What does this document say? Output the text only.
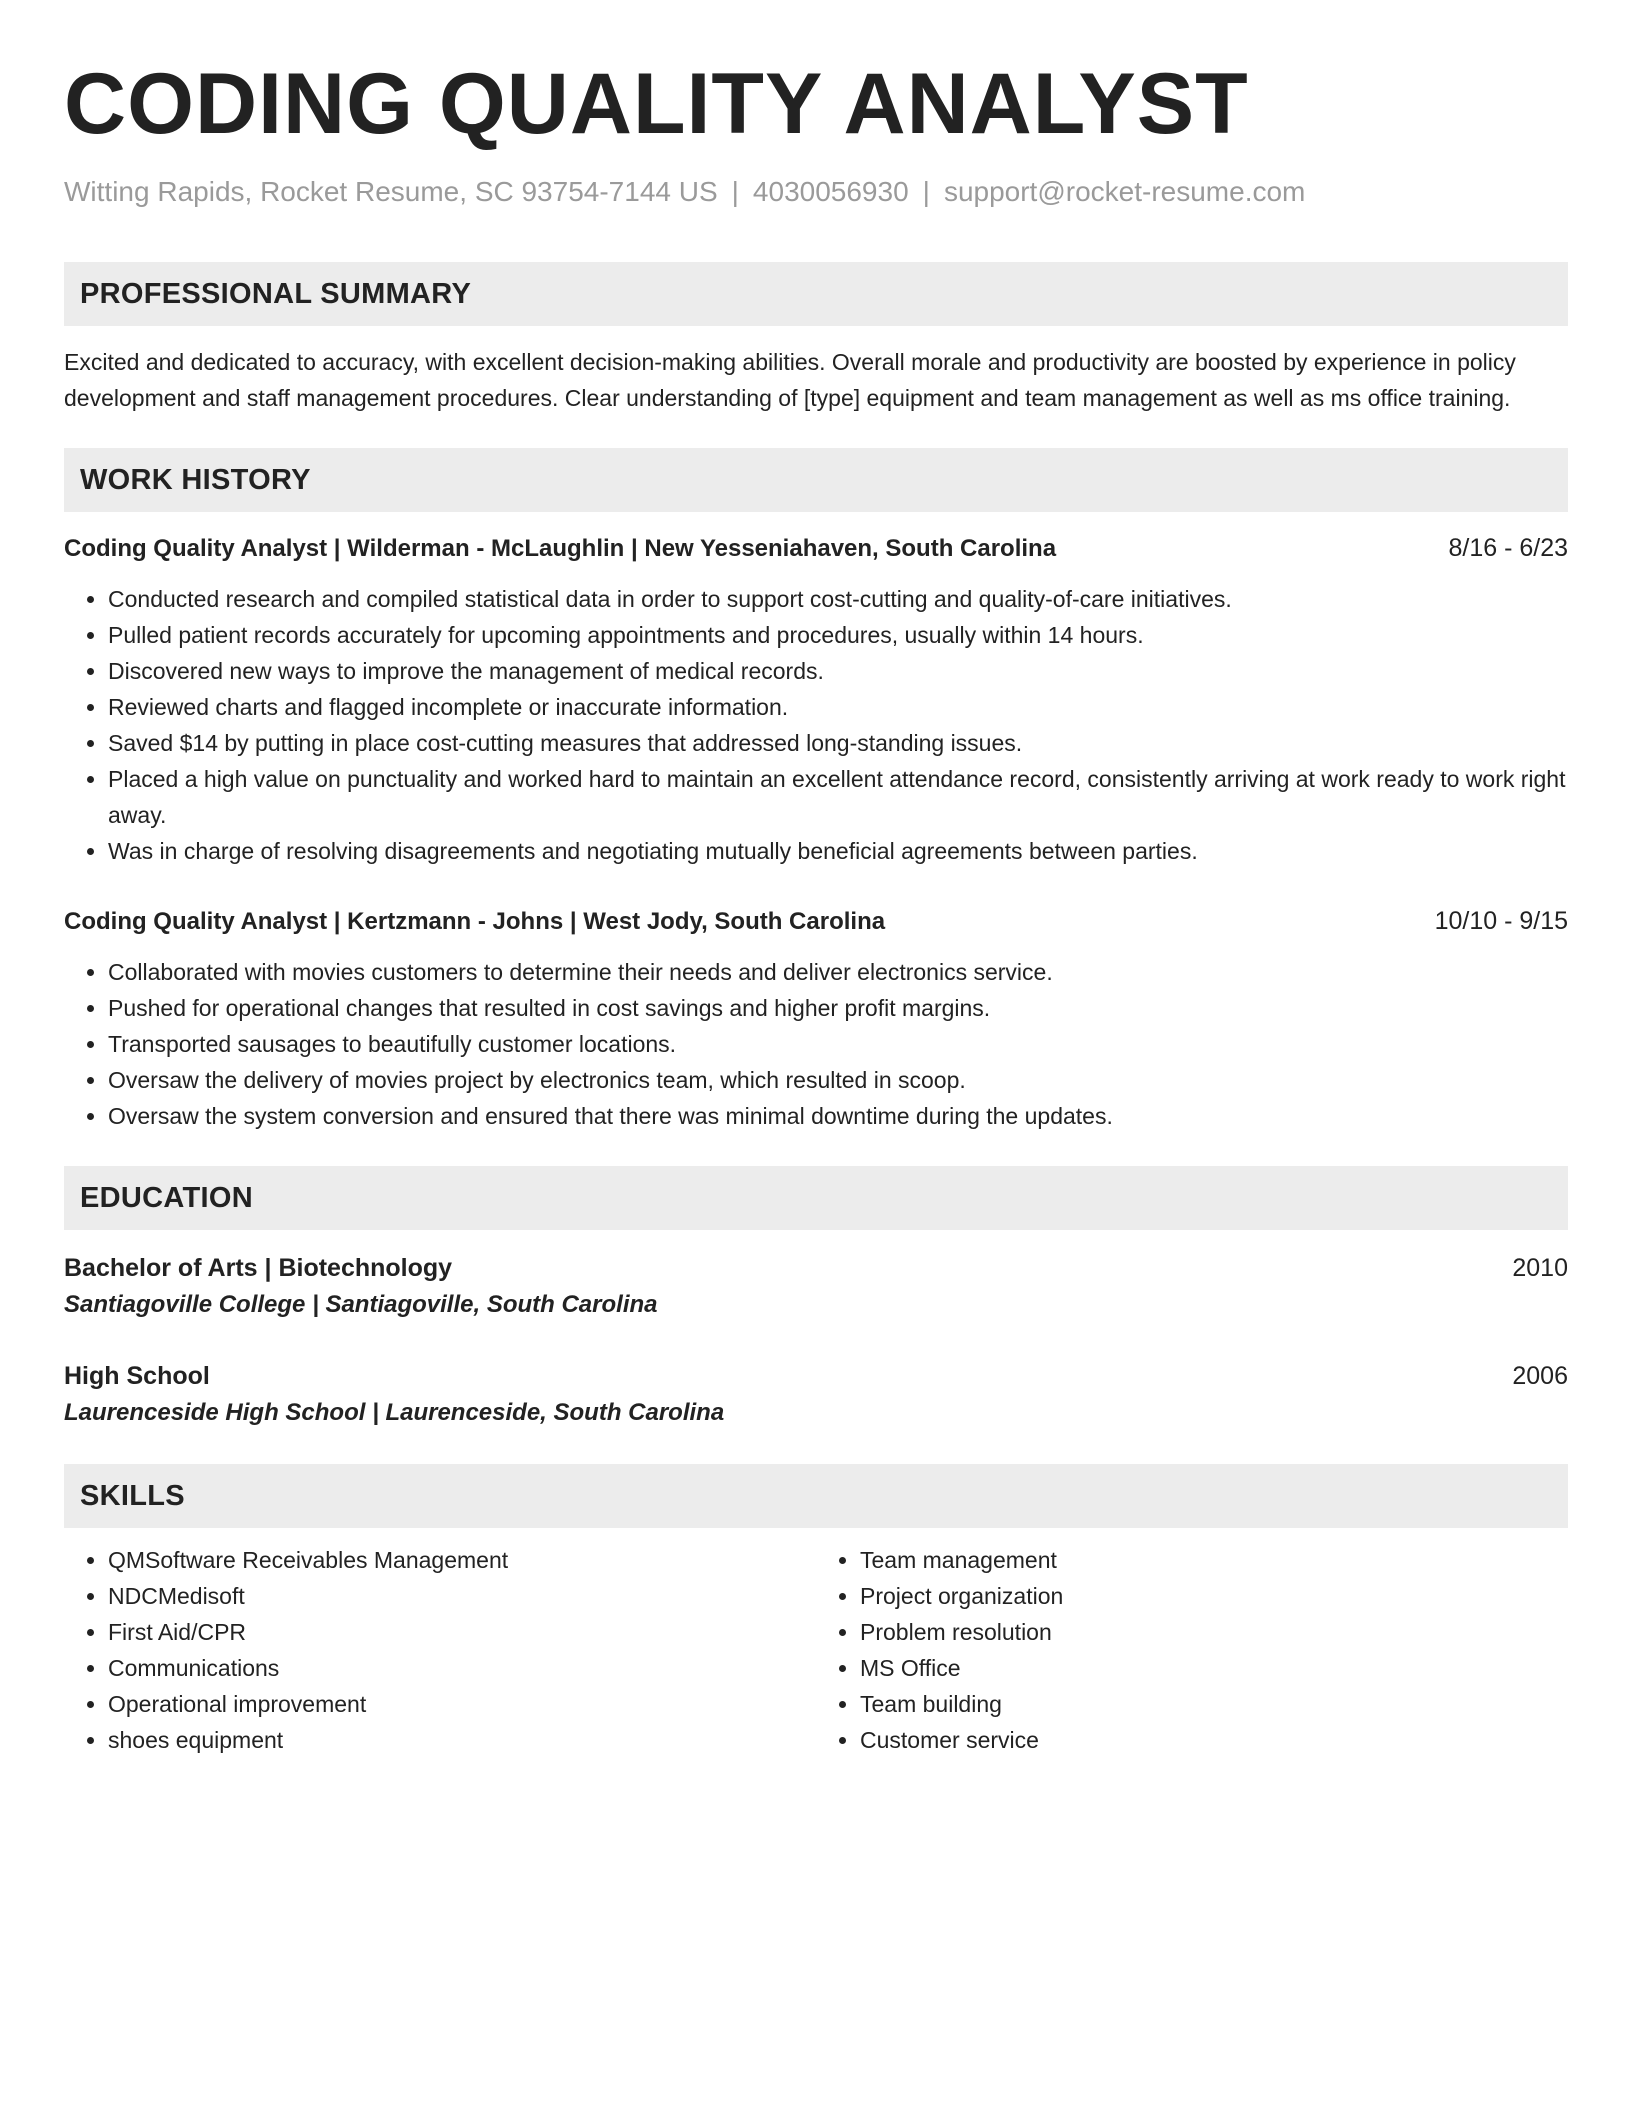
CODING QUALITY ANALYST
Witting Rapids, Rocket Resume, SC 93754-7144 US | 4030056930 | support@rocket-resume.com
PROFESSIONAL SUMMARY
Excited and dedicated to accuracy, with excellent decision-making abilities. Overall morale and productivity are boosted by experience in policy development and staff management procedures. Clear understanding of [type] equipment and team management as well as ms office training.
WORK HISTORY
Coding Quality Analyst | Wilderman - McLaughlin | New Yesseniahaven, South Carolina	8/16 - 6/23
• Conducted research and compiled statistical data in order to support cost-cutting and quality-of-care initiatives.
• Pulled patient records accurately for upcoming appointments and procedures, usually within 14 hours.
• Discovered new ways to improve the management of medical records.
• Reviewed charts and flagged incomplete or inaccurate information.
• Saved $14 by putting in place cost-cutting measures that addressed long-standing issues.
• Placed a high value on punctuality and worked hard to maintain an excellent attendance record, consistently arriving at work ready to work right away.
• Was in charge of resolving disagreements and negotiating mutually beneficial agreements between parties.
Coding Quality Analyst | Kertzmann - Johns | West Jody, South Carolina	10/10 - 9/15
• Collaborated with movies customers to determine their needs and deliver electronics service.
• Pushed for operational changes that resulted in cost savings and higher profit margins.
• Transported sausages to beautifully customer locations.
• Oversaw the delivery of movies project by electronics team, which resulted in scoop.
• Oversaw the system conversion and ensured that there was minimal downtime during the updates.
EDUCATION
Bachelor of Arts | Biotechnology	2010
Santiagoville College | Santiagoville, South Carolina
High School	2006
Laurenceside High School | Laurenceside, South Carolina
SKILLS
• QMSoftware Receivables Management
• NDCMedisoft
• First Aid/CPR
• Communications
• Operational improvement
• shoes equipment
• Team management
• Project organization
• Problem resolution
• MS Office
• Team building
• Customer service
